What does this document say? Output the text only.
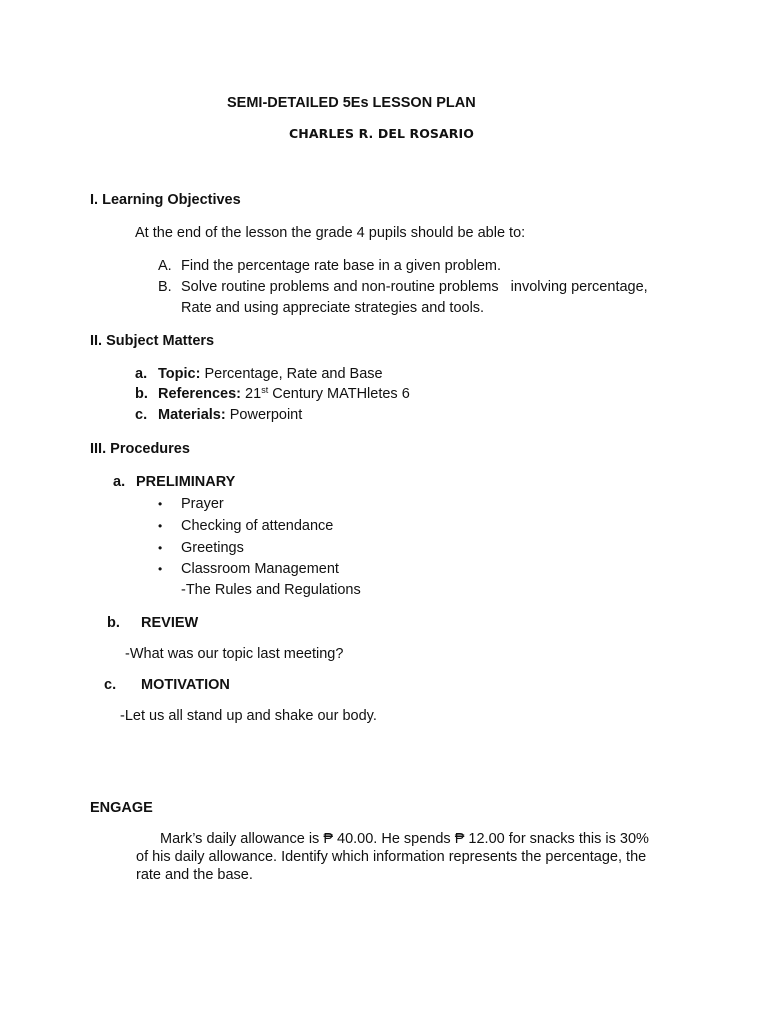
SEMI-DETAILED 5Es LESSON PLAN
CHARLES R. DEL ROSARIO
I. Learning Objectives
At the end of the lesson the grade 4 pupils should be able to:
A. Find the percentage rate base in a given problem.
B. Solve routine problems and non-routine problems   involving percentage,
Rate and using appreciate strategies and tools.
II. Subject Matters
a. Topic: Percentage, Rate and Base
b. References: 21st Century MATHletes 6
c. Materials: Powerpoint
III. Procedures
a. PRELIMINARY
• Prayer
• Checking of attendance
• Greetings
• Classroom Management
-The Rules and Regulations
b. REVIEW
-What was our topic last meeting?
c. MOTIVATION
-Let us all stand up and shake our body.
ENGAGE
Mark’s daily allowance is ₱ 40.00. He spends ₱ 12.00 for snacks this is 30%
of his daily allowance. Identify which information represents the percentage, the
rate and the base.
